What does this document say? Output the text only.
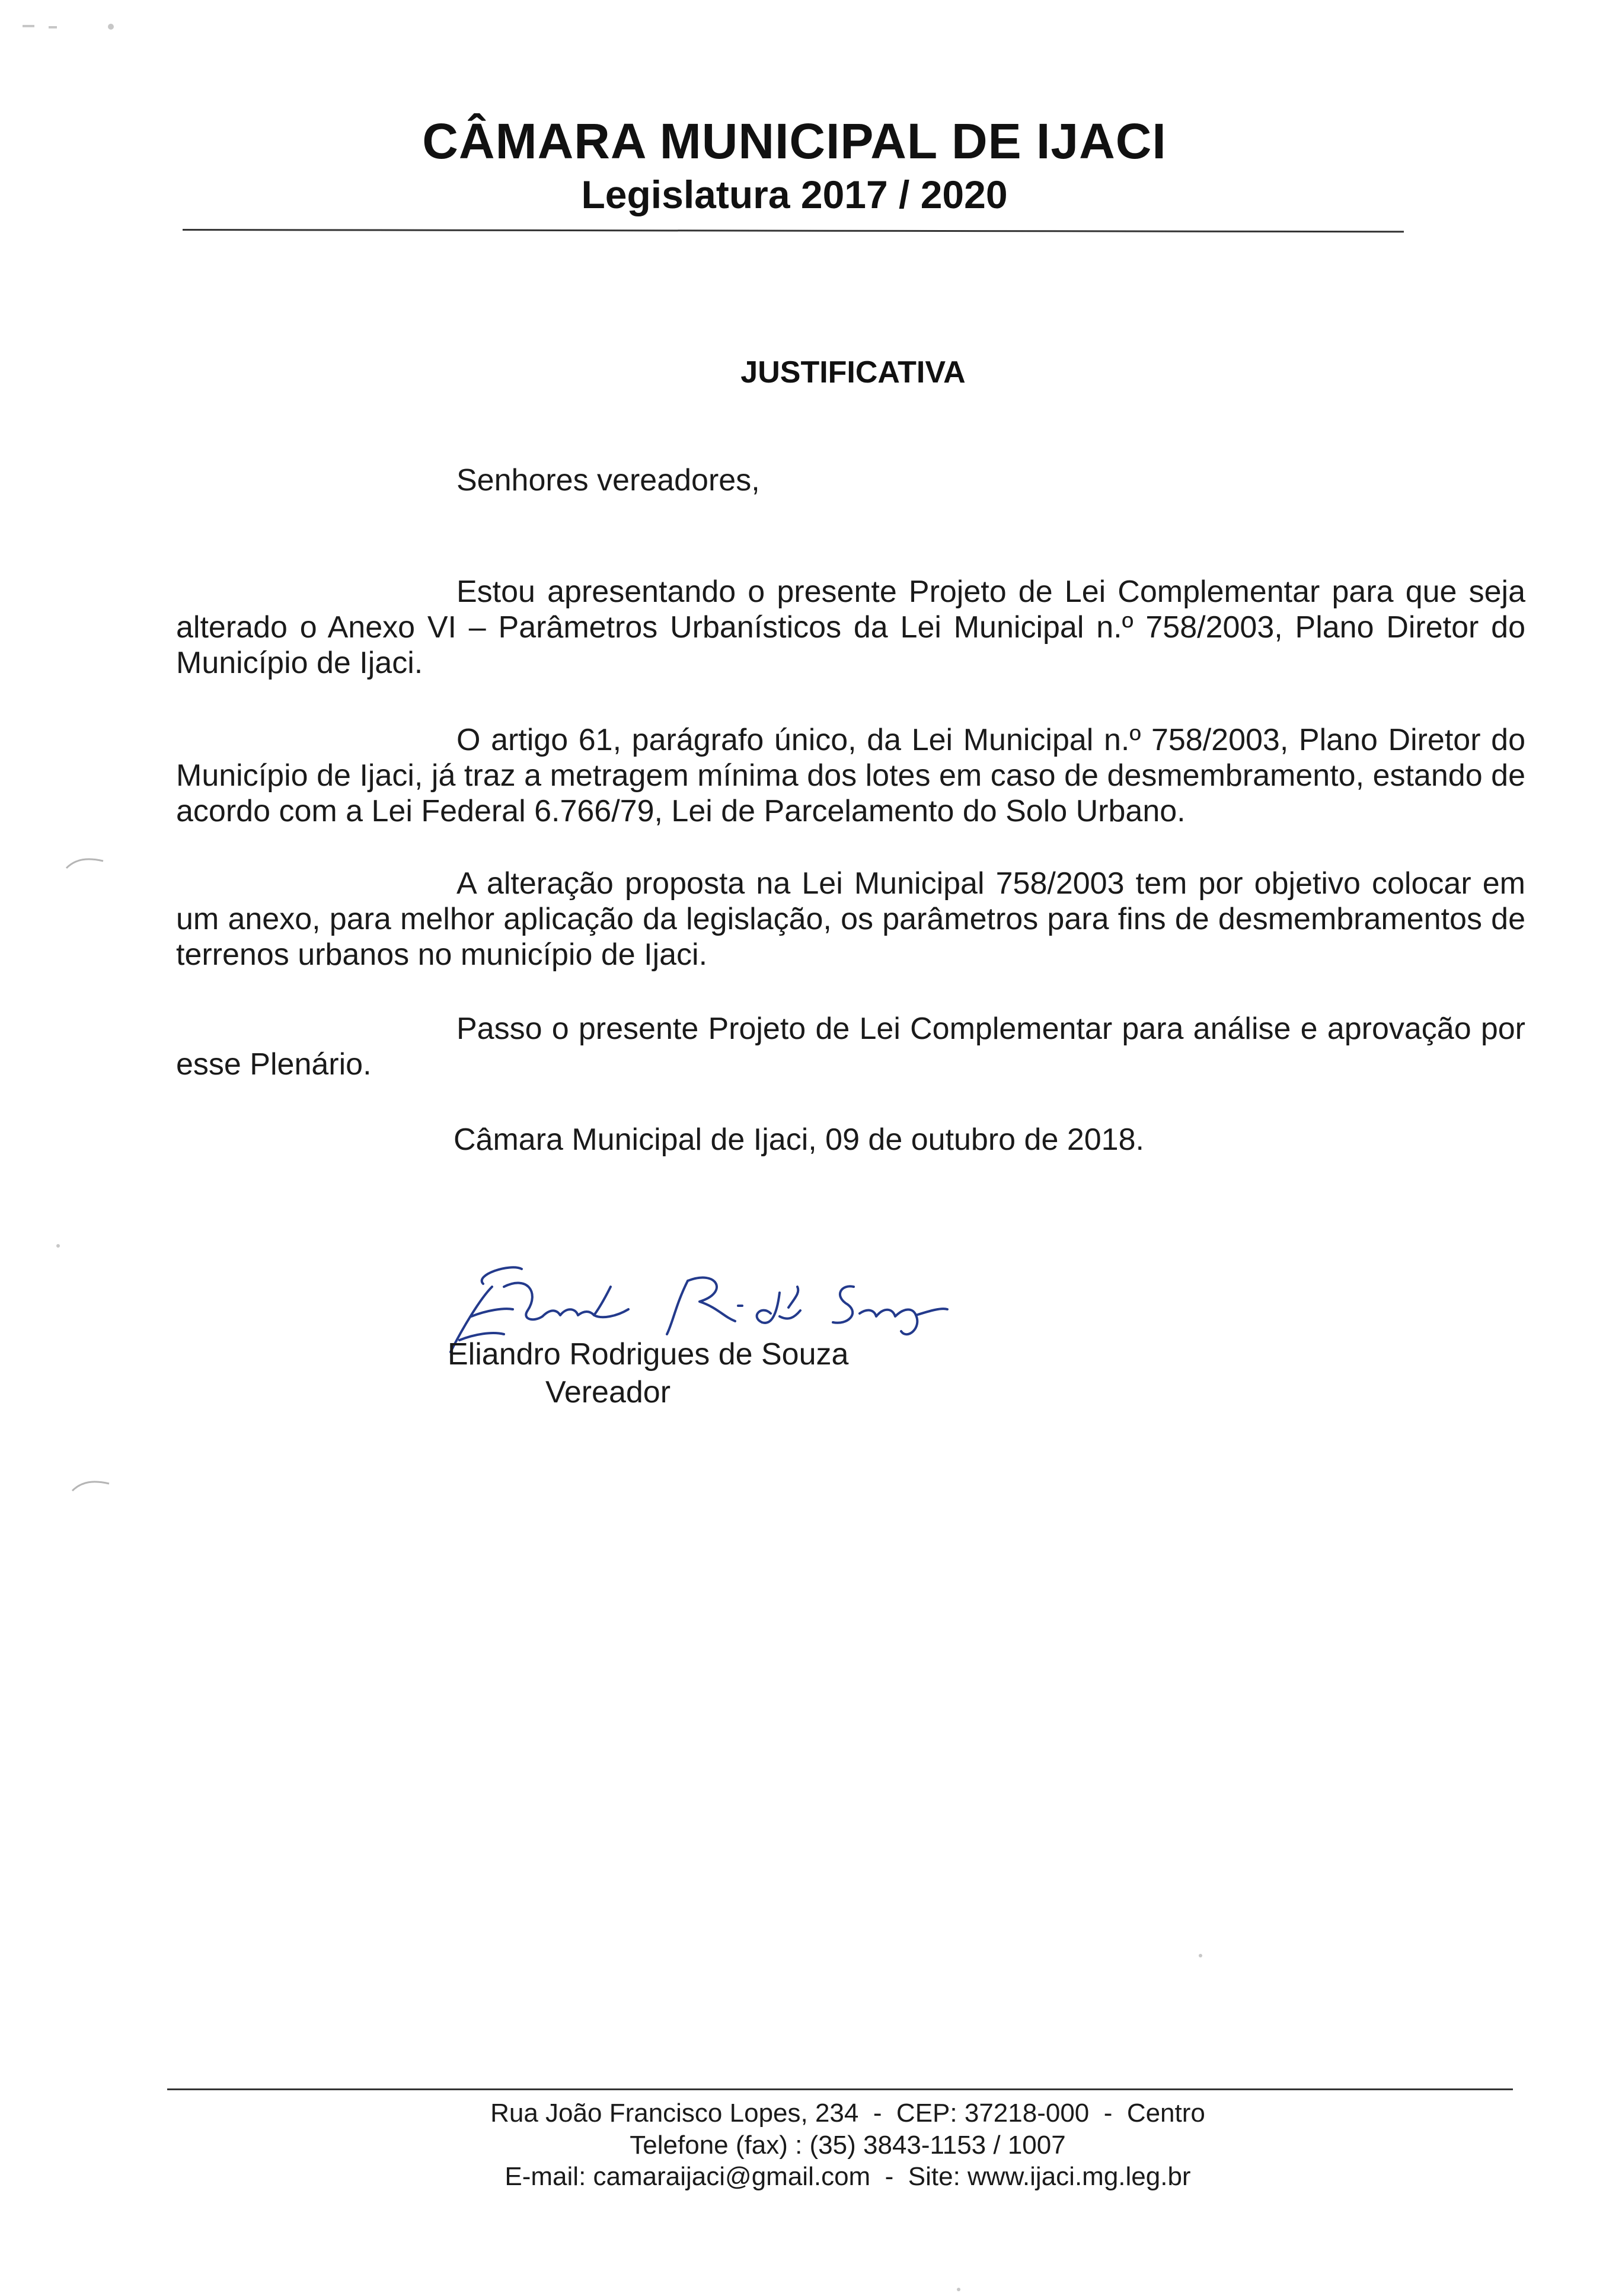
CÂMARA MUNICIPAL DE IJACI
Legislatura 2017 / 2020
JUSTIFICATIVA
Senhores vereadores,

Estou apresentando o presente Projeto de Lei Complementar para que seja alterado o Anexo VI – Parâmetros Urbanísticos da Lei Municipal n.º 758/2003, Plano Diretor do Município de Ijaci.

O artigo 61, parágrafo único, da Lei Municipal n.º 758/2003, Plano Diretor do Município de Ijaci, já traz a metragem mínima dos lotes em caso de desmembramento, estando de acordo com a Lei Federal 6.766/79, Lei de Parcelamento do Solo Urbano.

A alteração proposta na Lei Municipal 758/2003 tem por objetivo colocar em um anexo, para melhor aplicação da legislação, os parâmetros para fins de desmembramentos de terrenos urbanos no município de Ijaci.

Passo o presente Projeto de Lei Complementar para análise e aprovação por esse Plenário.

Câmara Municipal de Ijaci, 09 de outubro de 2018.
Eliandro Rodrigues de Souza
Vereador
Rua João Francisco Lopes, 234  -  CEP: 37218-000  -  Centro
Telefone (fax) : (35) 3843-1153 / 1007
E-mail: camaraijaci@gmail.com  -  Site: www.ijaci.mg.leg.br
